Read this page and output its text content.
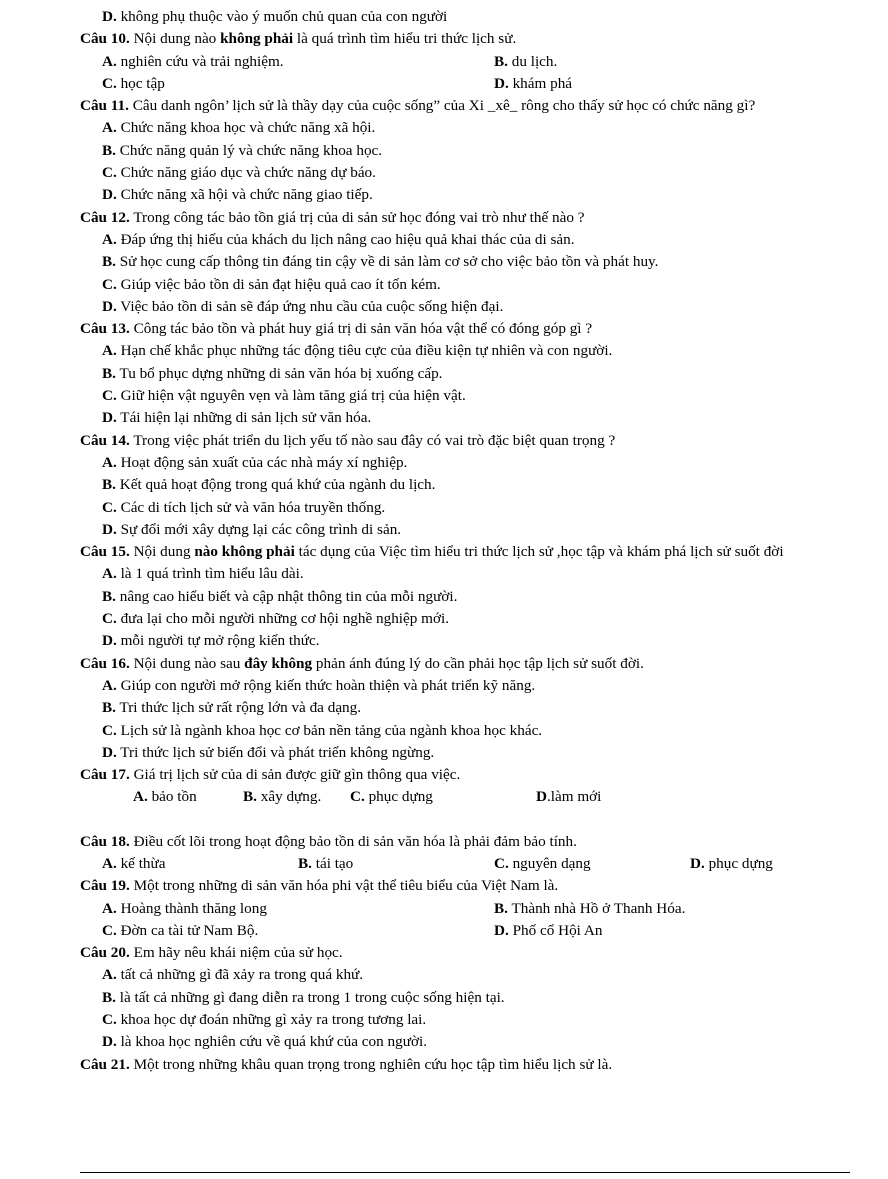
D. không phụ thuộc vào ý muốn chủ quan của con người
Câu 10. Nội dung nào không phải là quá trình tìm hiểu tri thức lịch sử.
A. nghiên cứu và trải nghiệm.	B. du lịch.
C. học tập	D. khám phá
Câu 11. Câu danh ngôn’ lịch sử là thầy dạy của cuộc sống” của Xi _xê_ rông cho thấy sử học có chức năng gì?
A. Chức năng khoa học và chức năng xã hội.
B. Chức năng quản lý và chức năng khoa học.
C. Chức năng giáo dục và chức năng dự báo.
D. Chức năng xã hội và chức năng giao tiếp.
Câu 12. Trong công tác bảo tồn giá trị của di sản sử học đóng vai trò như thế nào ?
A. Đáp ứng thị hiếu của khách du lịch nâng cao hiệu quả khai thác của di sản.
B. Sử học cung cấp thông tin đáng tin cậy về di sản làm cơ sở cho việc bảo tồn và phát huy.
C. Giúp việc bảo tồn di sản đạt hiệu quả cao ít tốn kém.
D. Việc bảo tồn di sản sẽ đáp ứng nhu cầu của cuộc sống hiện đại.
Câu 13. Công tác bảo tồn và phát huy giá trị di sản văn hóa vật thể có đóng góp gì ?
A. Hạn chế khắc phục những tác động tiêu cực của điều kiện tự nhiên và con người.
B. Tu bổ phục dựng những di sản văn hóa bị xuống cấp.
C. Giữ hiện vật nguyên vẹn và làm tăng giá trị của hiện vật.
D. Tái hiện lại những di sản lịch sử văn hóa.
Câu 14. Trong việc phát triển du lịch yếu tố nào sau đây có vai trò đặc biệt quan trọng ?
A. Hoạt động sản xuất của các nhà máy xí nghiệp.
B. Kết quả hoạt động trong quá khứ của ngành du lịch.
C. Các di tích lịch sử và văn hóa truyền thống.
D. Sự đổi mới xây dựng lại các công trình di sản.
Câu 15. Nội dung nào không phải tác dụng của Việc tìm hiểu tri thức lịch sử ,học tập và khám phá lịch sử suốt đời
A. là 1 quá trình tìm hiểu lâu dài.
B. nâng cao hiểu biết và cập nhật thông tin của mỗi người.
C. đưa lại cho mỗi người những cơ hội nghề nghiệp mới.
D. mỗi người tự mở rộng kiến thức.
Câu 16. Nội dung nào sau đây không phản ánh đúng lý do cần phải học tập lịch sử suốt đời.
A. Giúp con người mở rộng kiến thức hoàn thiện và phát triển kỹ năng.
B. Tri thức lịch sử rất rộng lớn và đa dạng.
C. Lịch sử là ngành khoa học cơ bản nền tảng của ngành khoa học khác.
D. Tri thức lịch sử biến đổi và phát triển không ngừng.
Câu 17. Giá trị lịch sử của di sản được giữ gìn thông qua việc.
A. bảo tồn	B. xây dựng. C. phục dựng	D.làm mới
Câu 18. Điều cốt lõi trong hoạt động bảo tồn di sản văn hóa là phải đảm bảo tính.
A. kế thừa	B. tái tạo	C. nguyên dạng	D. phục dựng
Câu 19. Một trong những di sản văn hóa phi vật thể tiêu biểu của Việt Nam là.
A. Hoàng thành thăng long	B. Thành nhà Hồ ở Thanh Hóa.
C. Đờn ca tài tử Nam Bộ.	D. Phố cổ Hội An
Câu 20. Em hãy nêu khái niệm của sử học.
A. tất cả những gì đã xảy ra trong quá khứ.
B. là tất cả những gì đang diễn ra trong 1 trong cuộc sống hiện tại.
C. khoa học dự đoán những gì xảy ra trong tương lai.
D. là khoa học nghiên cứu về quá khứ của con người.
Câu 21. Một trong những khâu quan trọng trong nghiên cứu học tập tìm hiểu lịch sử là.
